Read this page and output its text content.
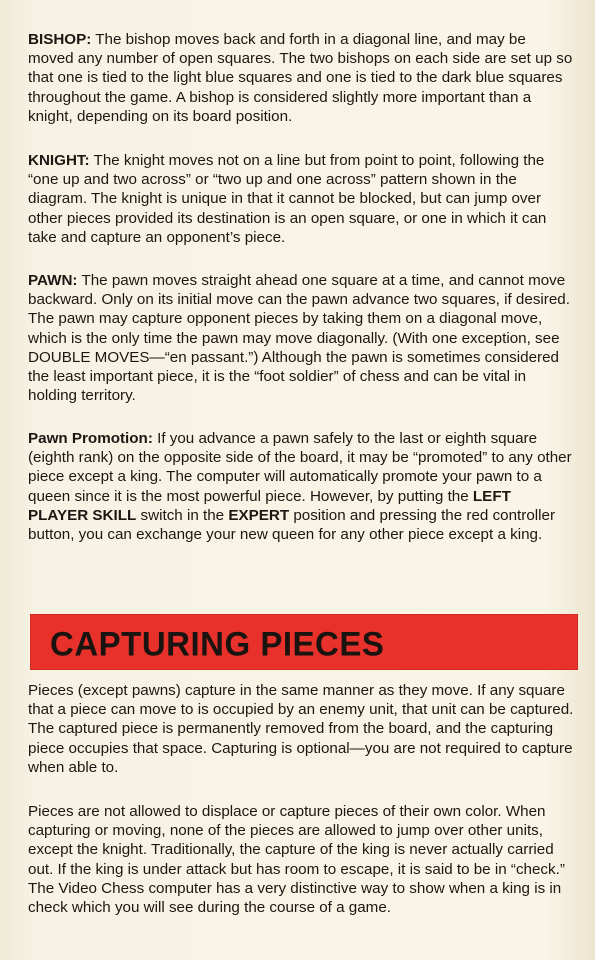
BISHOP: The bishop moves back and forth in a diagonal line, and may be moved any number of open squares. The two bishops on each side are set up so that one is tied to the light blue squares and one is tied to the dark blue squares throughout the game. A bishop is considered slightly more important than a knight, depending on its board position.

KNIGHT: The knight moves not on a line but from point to point, following the “one up and two across” or “two up and one across” pattern shown in the diagram. The knight is unique in that it cannot be blocked, but can jump over other pieces provided its destination is an open square, or one in which it can take and capture an opponent’s piece.

PAWN: The pawn moves straight ahead one square at a time, and cannot move backward. Only on its initial move can the pawn advance two squares, if desired. The pawn may capture opponent pieces by taking them on a diagonal move, which is the only time the pawn may move diagonally. (With one exception, see DOUBLE MOVES—“en passant.”) Although the pawn is sometimes considered the least important piece, it is the “foot soldier” of chess and can be vital in holding territory.

Pawn Promotion: If you advance a pawn safely to the last or eighth square (eighth rank) on the opposite side of the board, it may be “promoted” to any other piece except a king. The computer will automatically promote your pawn to a queen since it is the most powerful piece. However, by putting the LEFT PLAYER SKILL switch in the EXPERT position and pressing the red controller button, you can exchange your new queen for any other piece except a king.

CAPTURING PIECES

Pieces (except pawns) capture in the same manner as they move. If any square that a piece can move to is occupied by an enemy unit, that unit can be captured. The captured piece is permanently removed from the board, and the capturing piece occupies that space. Capturing is optional—you are not required to capture when able to.

Pieces are not allowed to displace or capture pieces of their own color. When capturing or moving, none of the pieces are allowed to jump over other units, except the knight. Traditionally, the capture of the king is never actually carried out. If the king is under attack but has room to escape, it is said to be in “check.” The Video Chess computer has a very distinctive way to show when a king is in check which you will see during the course of a game.
